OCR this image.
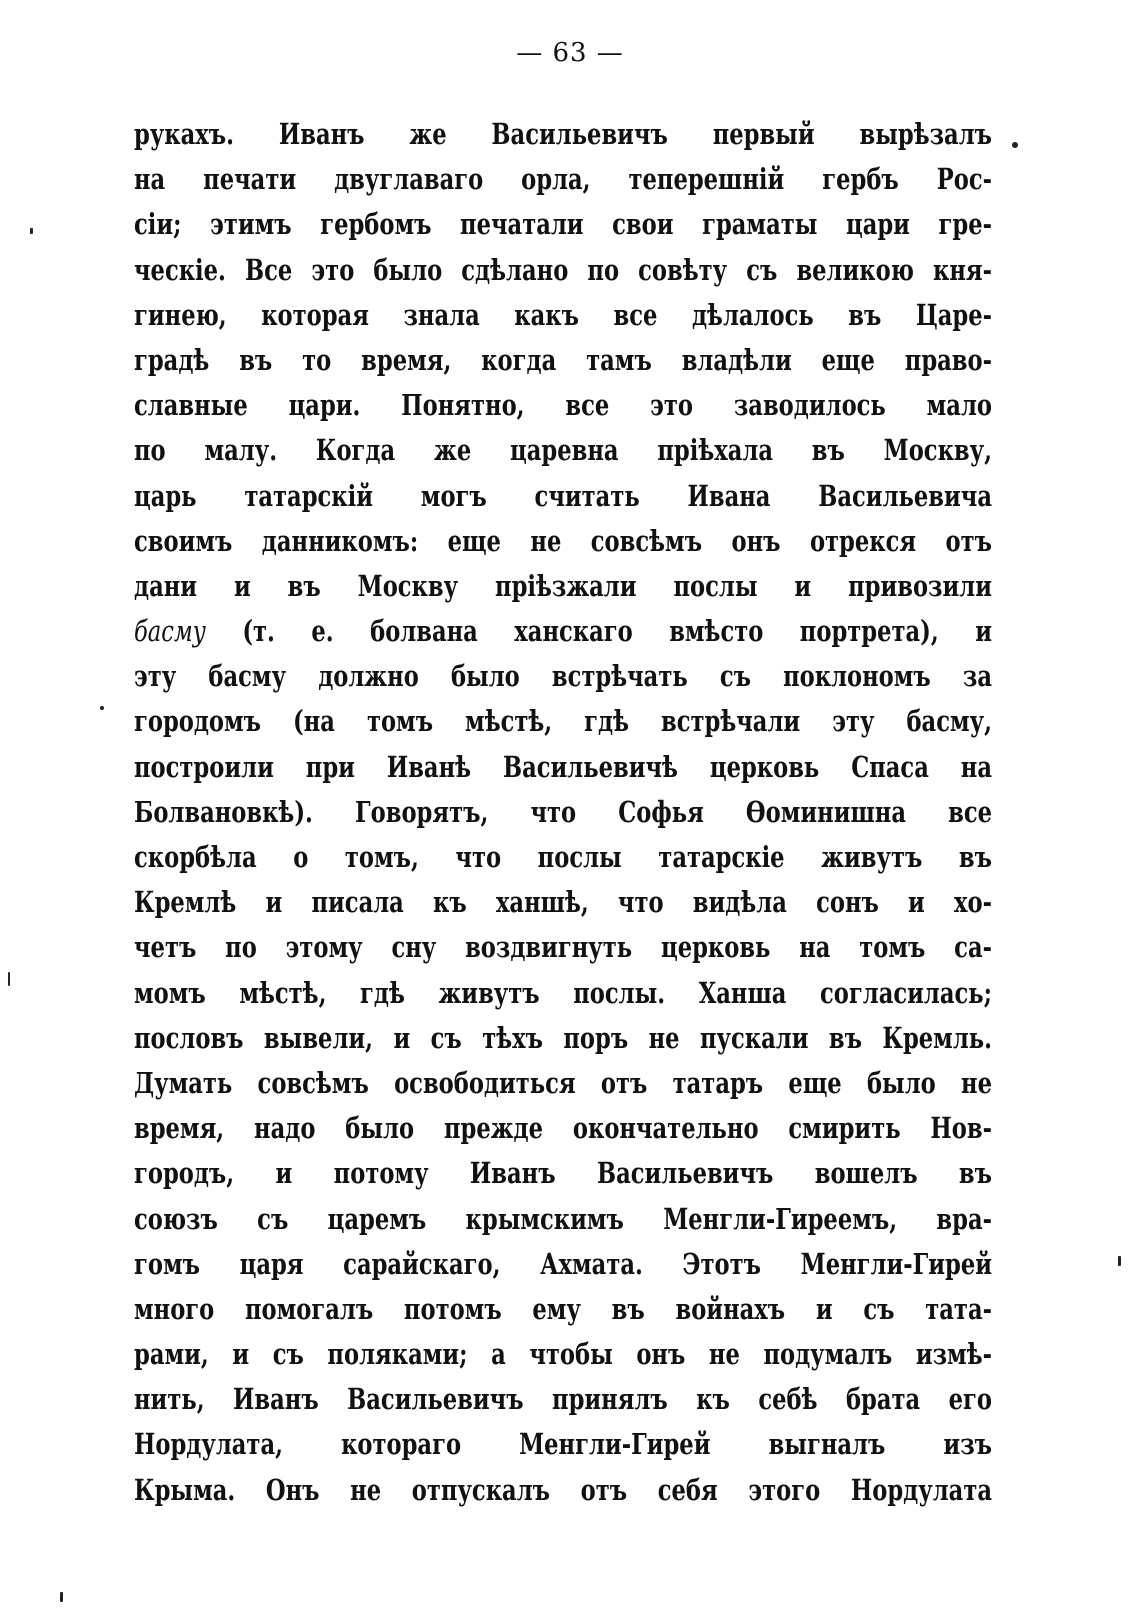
— 63 —
рукахъ. Иванъ же Васильевичъ первый вырѣзалъ
на печати двуглаваго орла, теперешній гербъ Рос-
сіи; этимъ гербомъ печатали свои граматы цари гре-
ческіе. Все это было сдѣлано по совѣту съ великою кня-
гинею, которая знала какъ все дѣлалось въ Царе-
градѣ въ то время, когда тамъ владѣли еще право-
славные цари. Понятно, все это заводилось мало
по малу. Когда же царевна пріѣхала въ Москву,
царь татарскій могъ считать Ивана Васильевича
своимъ данникомъ: еще не совсѣмъ онъ отрекся отъ
дани и въ Москву пріѣзжали послы и привозили
басму (т. е. болвана ханскаго вмѣсто портрета), и
эту басму должно было встрѣчать съ поклономъ за
городомъ (на томъ мѣстѣ, гдѣ встрѣчали эту басму,
построили при Иванѣ Васильевичѣ церковь Спаса на
Болвановкѣ). Говорятъ, что Софья Ѳоминишна все
скорбѣла о томъ, что послы татарскіе живутъ въ
Кремлѣ и писала къ ханшѣ, что видѣла сонъ и хо-
четъ по этому сну воздвигнуть церковь на томъ са-
момъ мѣстѣ, гдѣ живутъ послы. Ханша согласилась;
пословъ вывели, и съ тѣхъ поръ не пускали въ Кремль.
Думать совсѣмъ освободиться отъ татаръ еще было не
время, надо было прежде окончательно смирить Нов-
городъ, и потому Иванъ Васильевичъ вошелъ въ
союзъ съ царемъ крымскимъ Менгли-Гиреемъ, вра-
гомъ царя сарайскаго, Ахмата. Этотъ Менгли-Гирей
много помогалъ потомъ ему въ войнахъ и съ тата-
рами, и съ поляками; а чтобы онъ не подумалъ измѣ-
нить, Иванъ Васильевичъ принялъ къ себѣ брата его
Нордулата, котораго Менгли-Гирей выгналъ изъ
Крыма. Онъ не отпускалъ отъ себя этого Нордулата
